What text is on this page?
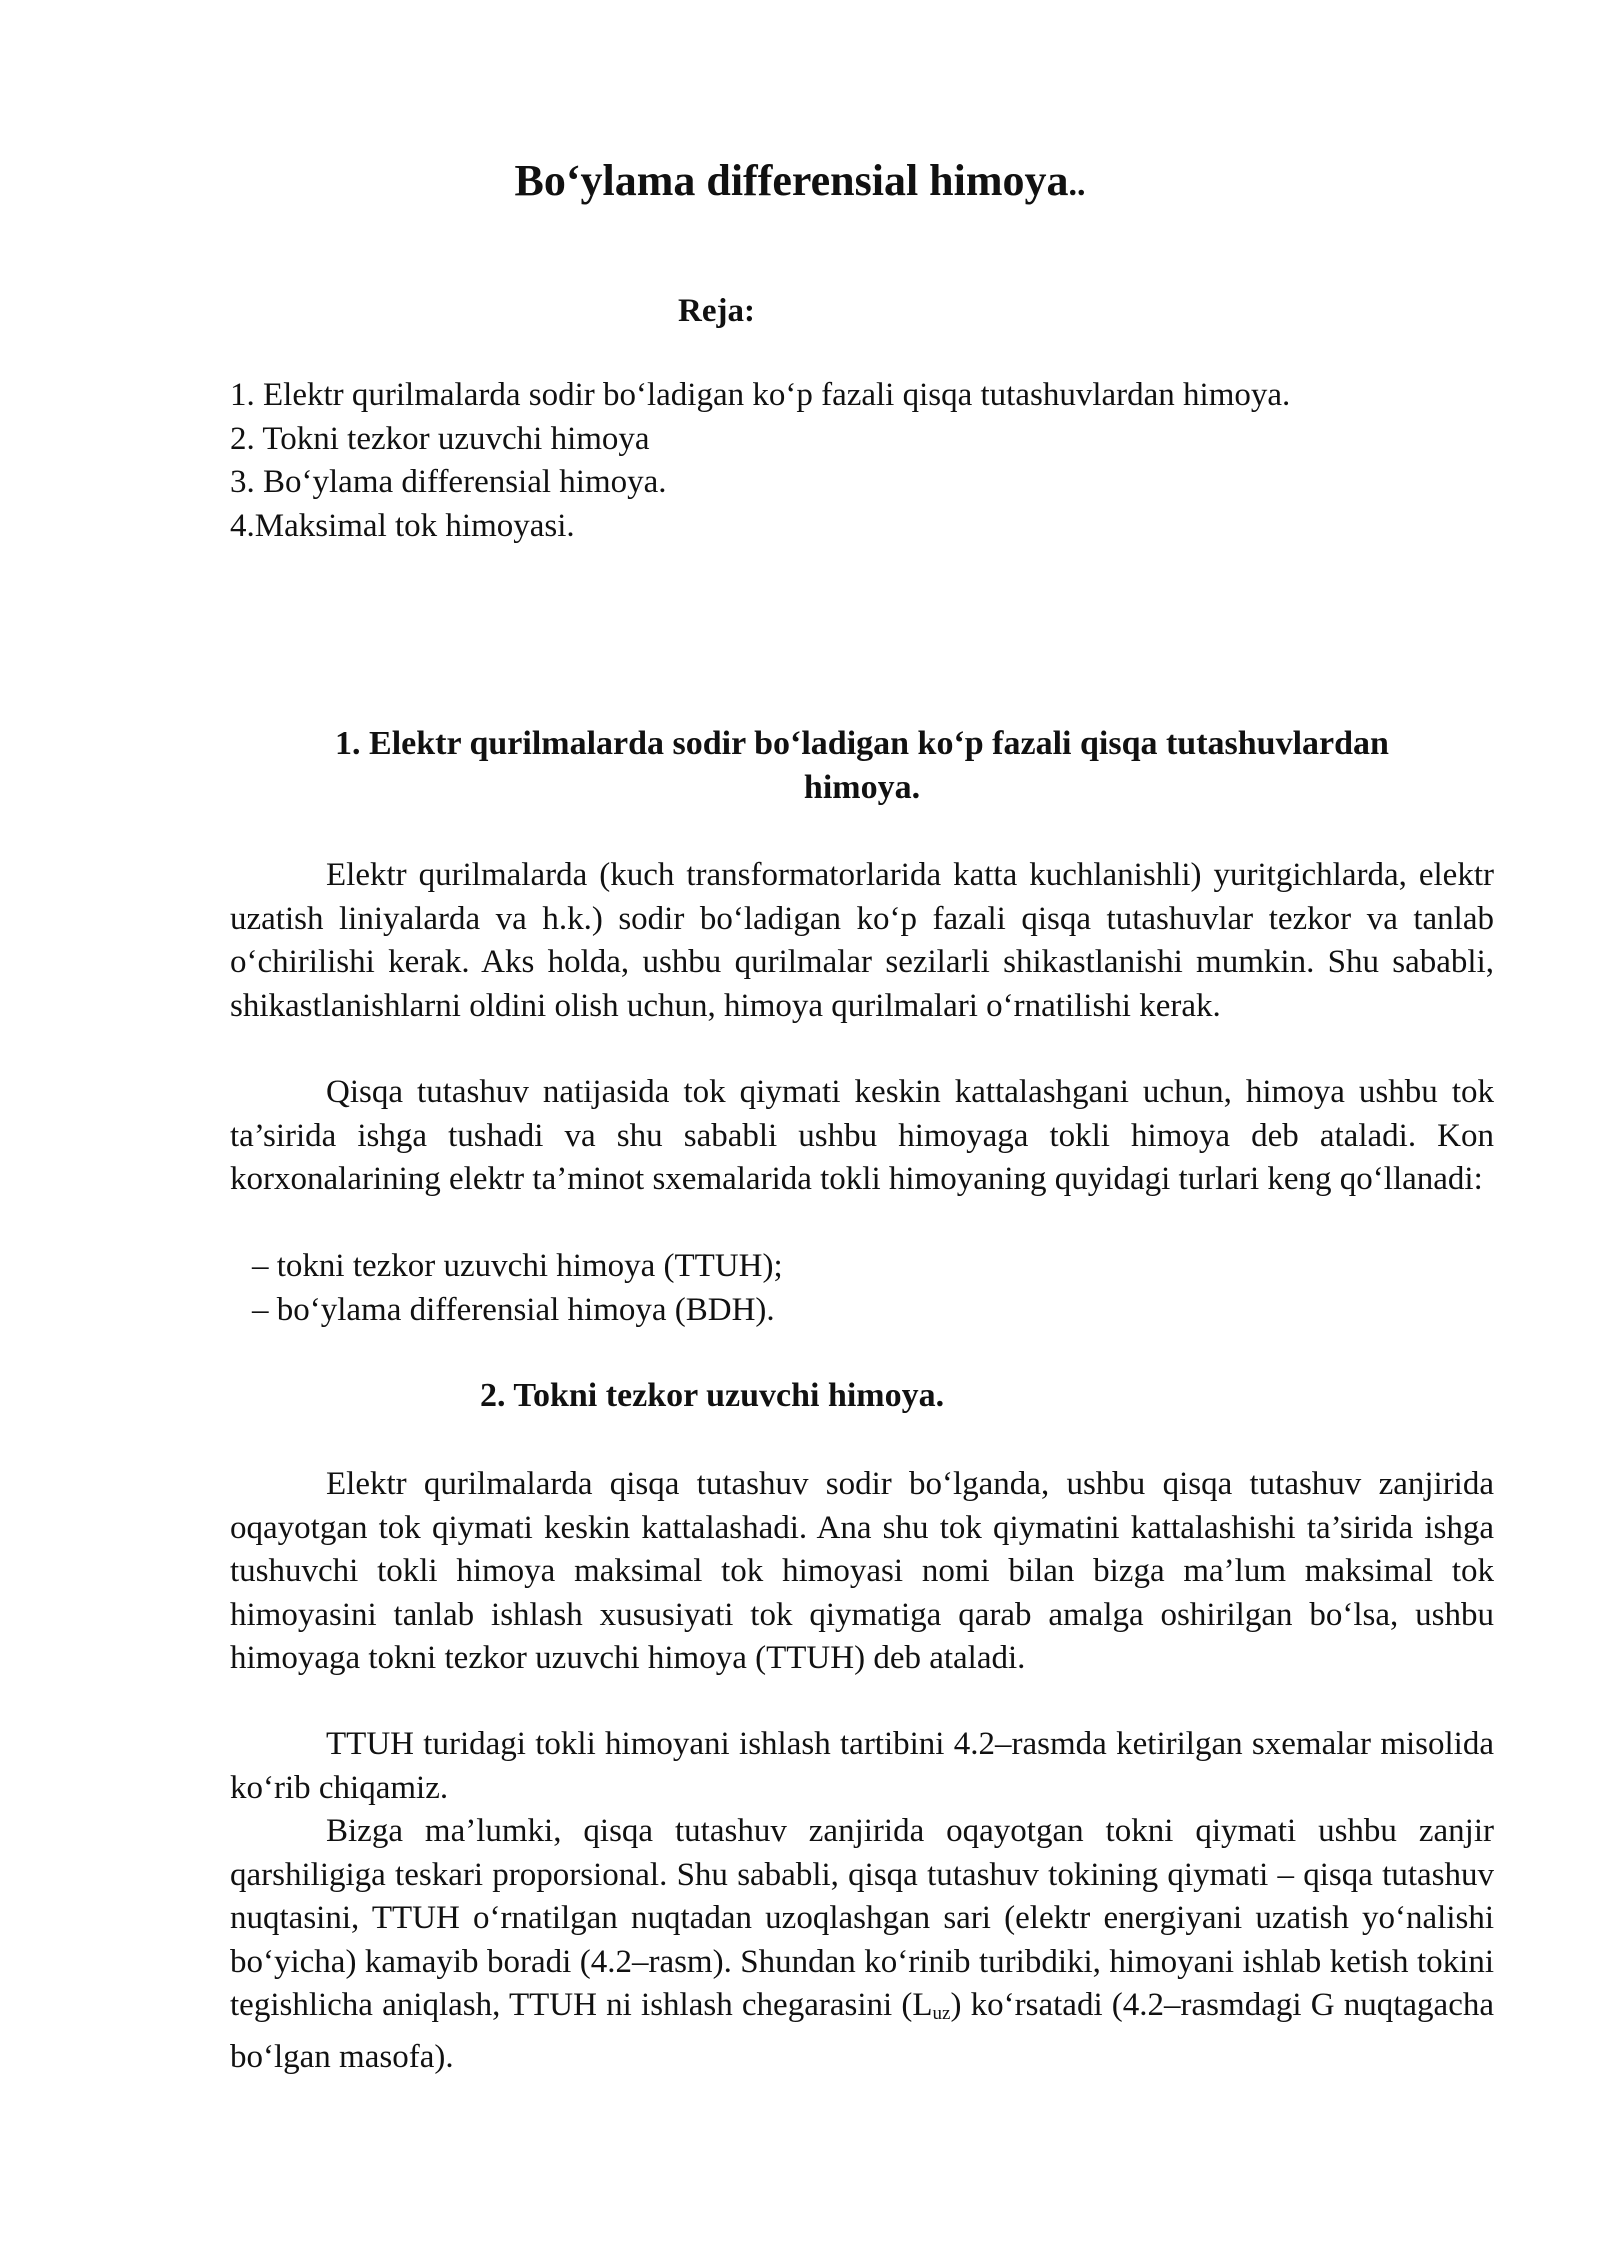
Bo‘ylama differensial himoya..
Reja:
1. Elektr qurilmalarda sodir bo‘ladigan ko‘p fazali qisqa tutashuvlardan himoya.
2. Tokni tezkor uzuvchi himoya
3. Bo‘ylama differensial himoya.
4.Maksimal tok himoyasi.
1. Elektr qurilmalarda sodir bo‘ladigan ko‘p fazali qisqa tutashuvlardan
himoya.

Elektr qurilmalarda (kuch transformatorlarida katta kuchlanishli) yuritgichlarda, elektr uzatish liniyalarda va h.k.) sodir bo‘ladigan ko‘p fazali qisqa tutashuvlar tezkor va tanlab o‘chirilishi kerak. Aks holda, ushbu qurilmalar sezilarli shikastlanishi mumkin. Shu sababli, shikastlanishlarni oldini olish uchun, himoya qurilmalari o‘rnatilishi kerak.

Qisqa tutashuv natijasida tok qiymati keskin kattalashgani uchun, himoya ushbu tok ta’sirida ishga tushadi va shu sababli ushbu himoyaga tokli himoya deb ataladi. Kon korxonalarining elektr ta’minot sxemalarida tokli himoyaning quyidagi turlari keng qo‘llanadi:

– tokni tezkor uzuvchi himoya (TTUH);
– bo‘ylama differensial himoya (BDH).
2. Tokni tezkor uzuvchi himoya.

Elektr qurilmalarda qisqa tutashuv sodir bo‘lganda, ushbu qisqa tutashuv zanjirida oqayotgan tok qiymati keskin kattalashadi. Ana shu tok qiymatini kattalashishi ta’sirida ishga tushuvchi tokli himoya maksimal tok himoyasi nomi bilan bizga ma’lum maksimal tok himoyasini tanlab ishlash xususiyati tok qiymatiga qarab amalga oshirilgan bo‘lsa, ushbu himoyaga tokni tezkor uzuvchi himoya (TTUH) deb ataladi.

TTUH turidagi tokli himoyani ishlash tartibini 4.2–rasmda ketirilgan sxemalar misolida ko‘rib chiqamiz.

Bizga ma’lumki, qisqa tutashuv zanjirida oqayotgan tokni qiymati ushbu zanjir qarshiligiga teskari proporsional. Shu sababli, qisqa tutashuv tokining qiymati – qisqa tutashuv nuqtasini, TTUH o‘rnatilgan nuqtadan uzoqlashgan sari (elektr energiyani uzatish yo‘nalishi bo‘yicha) kamayib boradi (4.2–rasm). Shundan ko‘rinib turibdiki, himoyani ishlab ketish tokini tegishlicha aniqlash, TTUH ni ishlash chegarasini $(L_{uz})$ ko‘rsatadi (4.2–rasmdagi G nuqtagacha bo‘lgan masofa).
